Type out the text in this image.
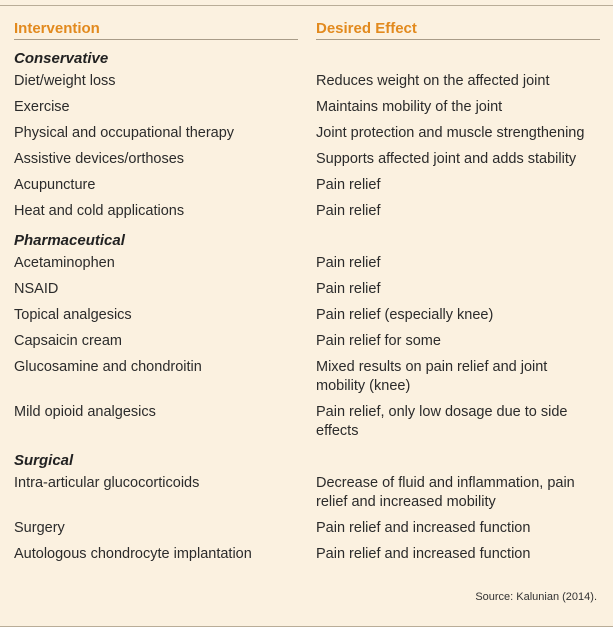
Intervention	Desired Effect
Conservative
Diet/weight loss	Reduces weight on the affected joint
Exercise	Maintains mobility of the joint
Physical and occupational therapy	Joint protection and muscle strengthening
Assistive devices/orthoses	Supports affected joint and adds stability
Acupuncture	Pain relief
Heat and cold applications	Pain relief
Pharmaceutical
Acetaminophen	Pain relief
NSAID	Pain relief
Topical analgesics	Pain relief (especially knee)
Capsaicin cream	Pain relief for some
Glucosamine and chondroitin	Mixed results on pain relief and joint mobility (knee)
Mild opioid analgesics	Pain relief, only low dosage due to side effects
Surgical
Intra-articular glucocorticoids	Decrease of fluid and inflammation, pain relief and increased mobility
Surgery	Pain relief and increased function
Autologous chondrocyte implantation	Pain relief and increased function
Source: Kalunian (2014).
